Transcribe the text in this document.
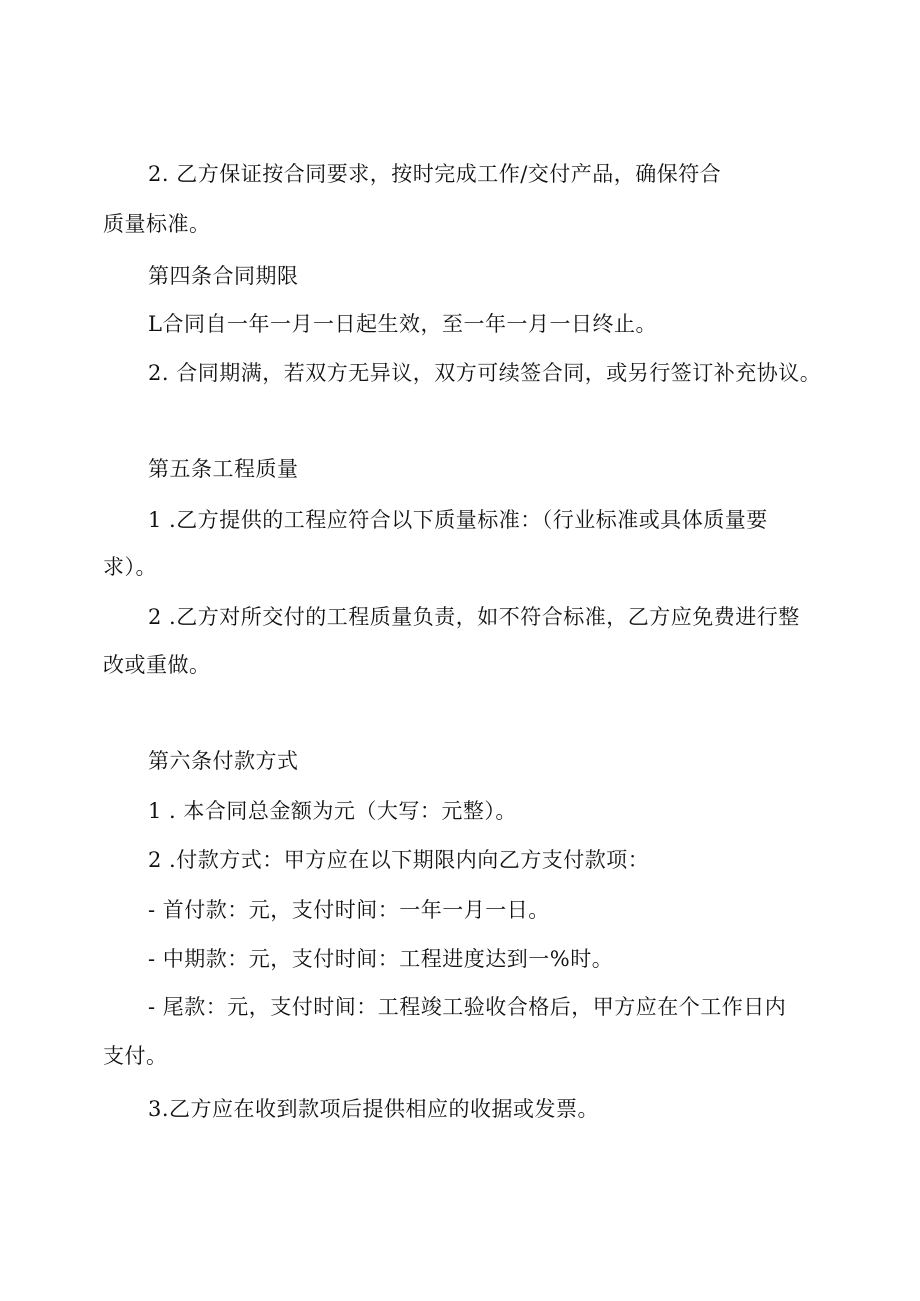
2. 乙方保证按合同要求，按时完成工作/交付产品，确保符合

质量标准。

第四条合同期限

L合同自一年一月一日起生效，至一年一月一日终止。

2. 合同期满，若双方无异议，双方可续签合同，或另行签订补充协议。

第五条工程质量

1 .乙方提供的工程应符合以下质量标准：（行业标准或具体质量要

求）。

2 .乙方对所交付的工程质量负责，如不符合标准，乙方应免费进行整

改或重做。

第六条付款方式

1 . 本合同总金额为元（大写：元整）。

2 .付款方式：甲方应在以下期限内向乙方支付款项：

- 首付款：元，支付时间：一年一月一日。

- 中期款：元，支付时间：工程进度达到一%时。

- 尾款：元，支付时间：工程竣工验收合格后，甲方应在个工作日内

支付。

3.乙方应在收到款项后提供相应的收据或发票。
